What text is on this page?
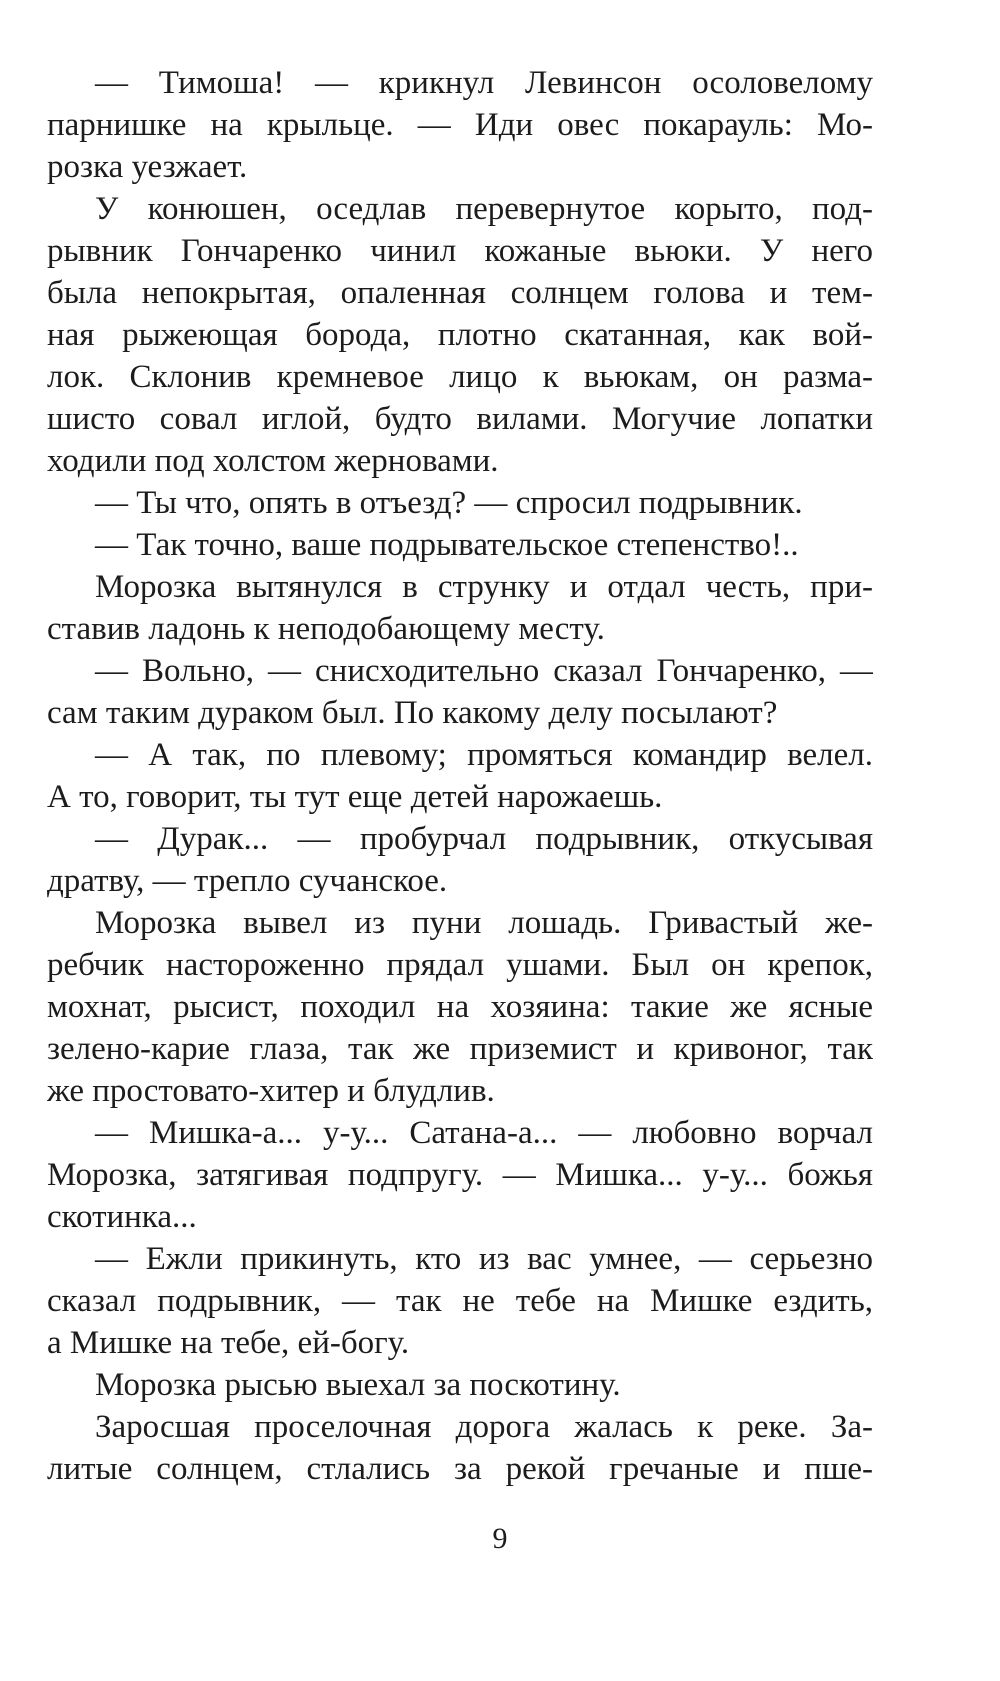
— Тимоша! — крикнул Левинсон осоловелому
парнишке на крыльце. — Иди овес покарауль: Мо-
розка уезжает.
У конюшен, оседлав перевернутое корыто, под-
рывник Гончаренко чинил кожаные вьюки. У него
была непокрытая, опаленная солнцем голова и тем-
ная рыжеющая борода, плотно скатанная, как вой-
лок. Склонив кремневое лицо к вьюкам, он разма-
шисто совал иглой, будто вилами. Могучие лопатки
ходили под холстом жерновами.
— Ты что, опять в отъезд? — спросил подрывник.
— Так точно, ваше подрывательское степенство!..
Морозка вытянулся в струнку и отдал честь, при-
ставив ладонь к неподобающему месту.
— Вольно, — снисходительно сказал Гончаренко, —
сам таким дураком был. По какому делу посылают?
— А так, по плевому; промяться командир велел.
А то, говорит, ты тут еще детей нарожаешь.
— Дурак... — пробурчал подрывник, откусывая
дратву, — трепло сучанское.
Морозка вывел из пуни лошадь. Гривастый же-
ребчик настороженно прядал ушами. Был он крепок,
мохнат, рысист, походил на хозяина: такие же ясные
зелено-карие глаза, так же приземист и кривоног, так
же простовато-хитер и блудлив.
— Мишка-а... у-у... Сатана-а... — любовно ворчал
Морозка, затягивая подпругу. — Мишка... у-у... божья
скотинка...
— Ежли прикинуть, кто из вас умнее, — серьезно
сказал подрывник, — так не тебе на Мишке ездить,
а Мишке на тебе, ей-богу.
Морозка рысью выехал за поскотину.
Заросшая проселочная дорога жалась к реке. За-
литые солнцем, стлались за рекой гречаные и пше-
9
